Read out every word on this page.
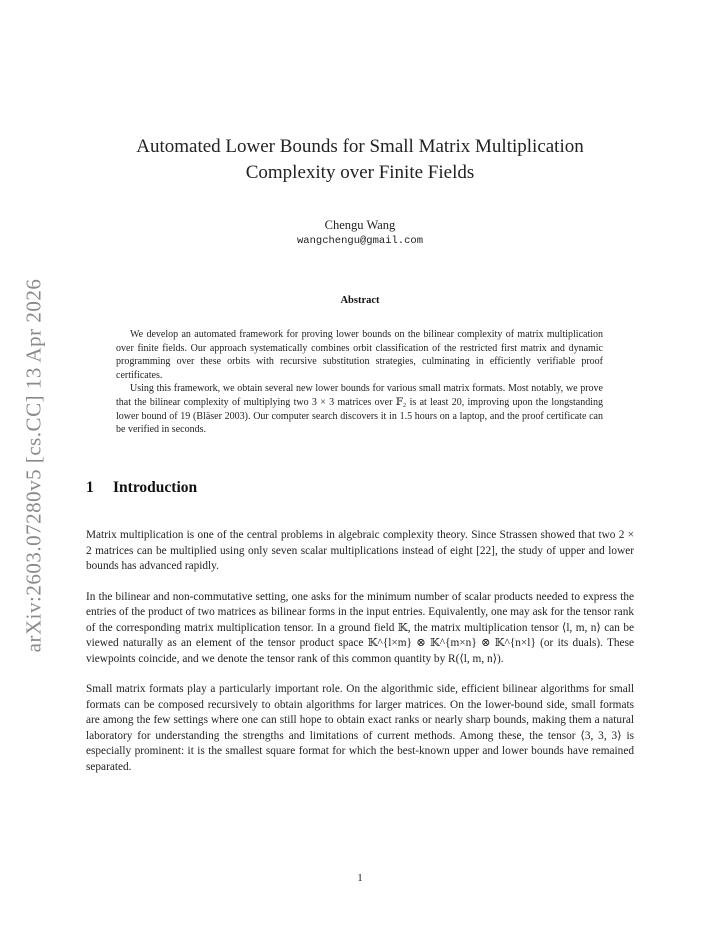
arXiv:2603.07280v5 [cs.CC] 13 Apr 2026
Automated Lower Bounds for Small Matrix Multiplication
Complexity over Finite Fields
Chengu Wang
wangchengu@gmail.com
Abstract

We develop an automated framework for proving lower bounds on the bilinear complexity of matrix multiplication over finite fields. Our approach systematically combines orbit classification of the restricted first matrix and dynamic programming over these orbits with recursive substitution strategies, culminating in efficiently verifiable proof certificates.

Using this framework, we obtain several new lower bounds for various small matrix formats. Most notably, we prove that the bilinear complexity of multiplying two 3 × 3 matrices over 𝔽₂ is at least 20, improving upon the longstanding lower bound of 19 (Bläser 2003). Our computer search discovers it in 1.5 hours on a laptop, and the proof certificate can be verified in seconds.

1 Introduction

Matrix multiplication is one of the central problems in algebraic complexity theory. Since Strassen showed that two 2 × 2 matrices can be multiplied using only seven scalar multiplications instead of eight [22], the study of upper and lower bounds has advanced rapidly.

In the bilinear and non-commutative setting, one asks for the minimum number of scalar products needed to express the entries of the product of two matrices as bilinear forms in the input entries. Equivalently, one may ask for the tensor rank of the corresponding matrix multiplication tensor. In a ground field 𝕂, the matrix multiplication tensor ⟨l, m, n⟩ can be viewed naturally as an element of the tensor product space 𝕂^{l×m} ⊗ 𝕂^{m×n} ⊗ 𝕂^{n×l} (or its duals). These viewpoints coincide, and we denote the tensor rank of this common quantity by R(⟨l, m, n⟩).

Small matrix formats play a particularly important role. On the algorithmic side, efficient bilinear algorithms for small formats can be composed recursively to obtain algorithms for larger matrices. On the lower-bound side, small formats are among the few settings where one can still hope to obtain exact ranks or nearly sharp bounds, making them a natural laboratory for understanding the strengths and limitations of current methods. Among these, the tensor ⟨3, 3, 3⟩ is especially prominent: it is the smallest square format for which the best-known upper and lower bounds have remained separated.

1
